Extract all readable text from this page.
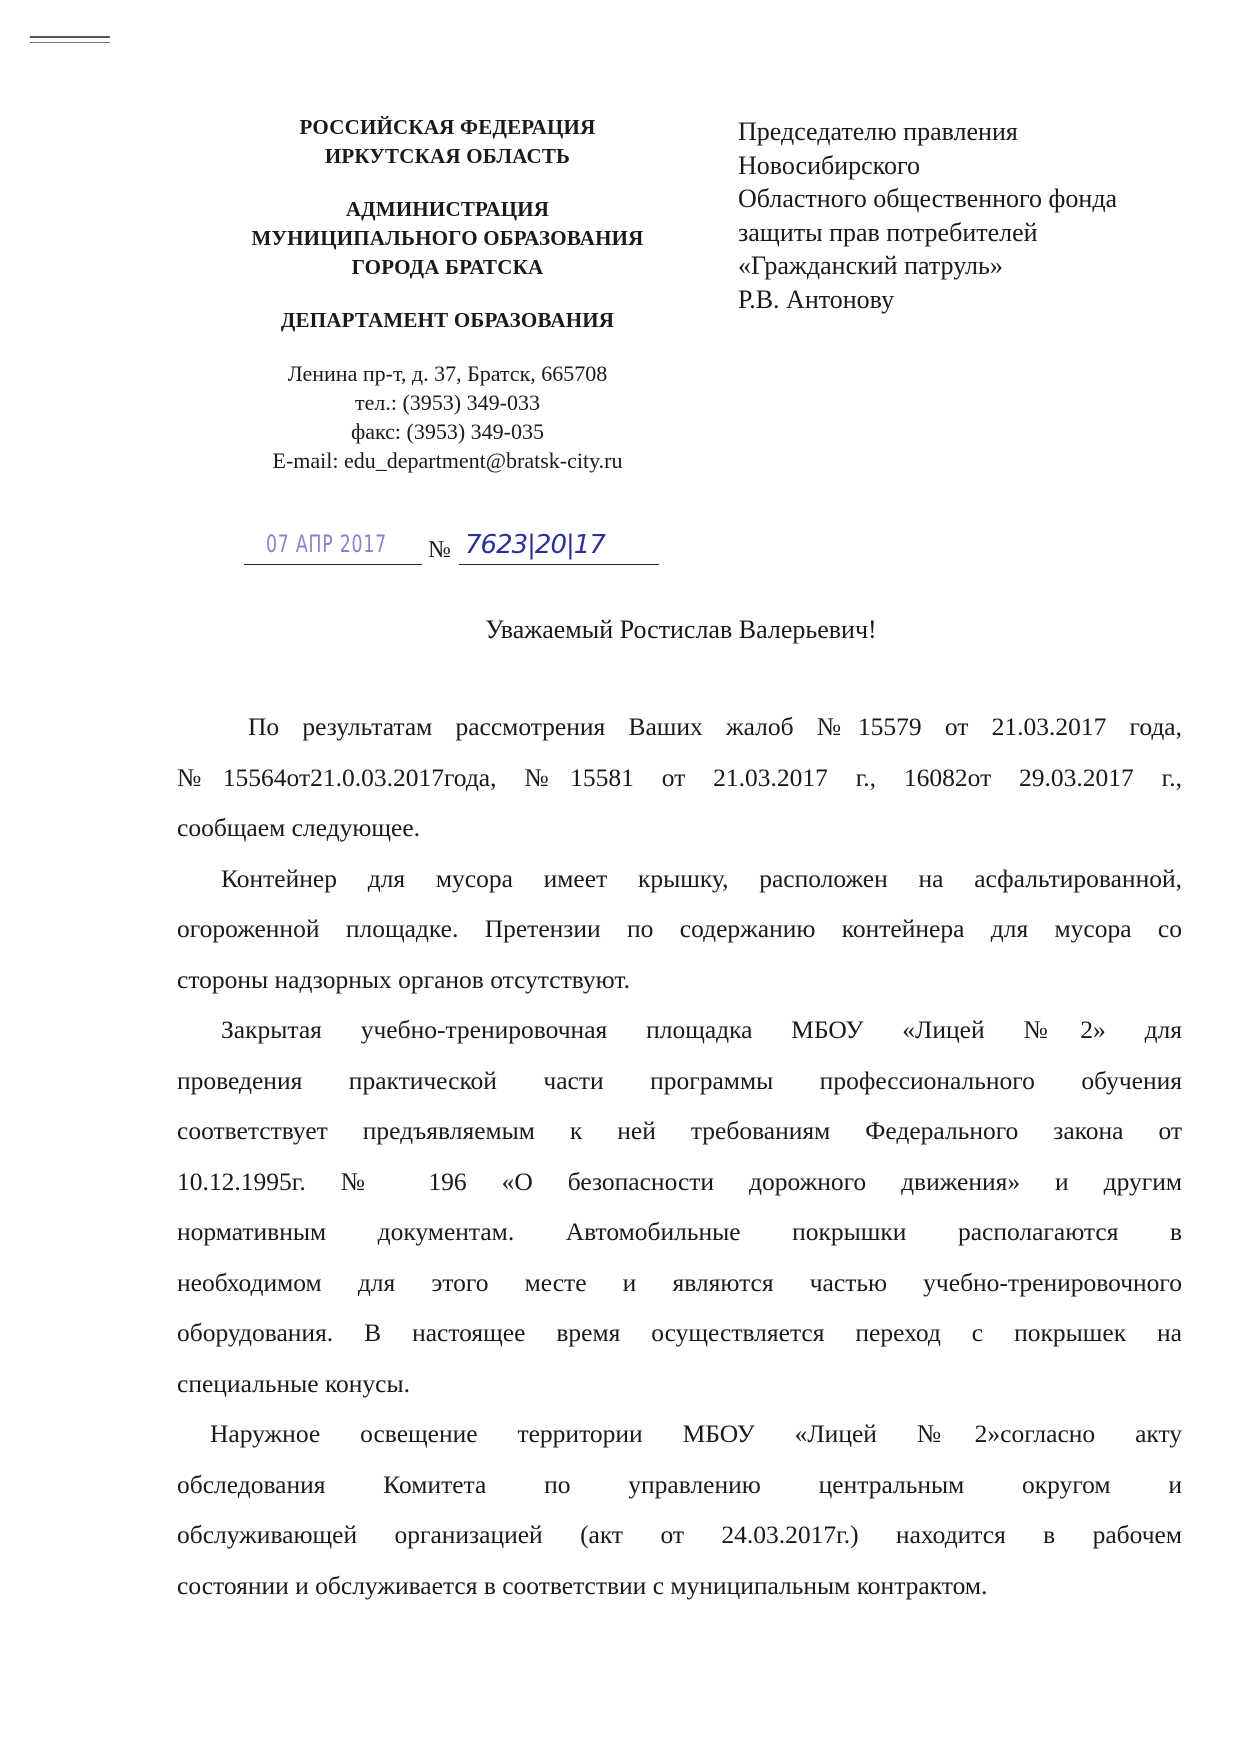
РОССИЙСКАЯ ФЕДЕРАЦИЯ
ИРКУТСКАЯ ОБЛАСТЬ
АДМИНИСТРАЦИЯ
МУНИЦИПАЛЬНОГО ОБРАЗОВАНИЯ
ГОРОДА БРАТСКА
ДЕПАРТАМЕНТ ОБРАЗОВАНИЯ
Ленина пр-т, д. 37, Братск, 665708
тел.: (3953) 349-033
факс: (3953) 349-035
E-mail: edu_department@bratsk-city.ru
Председателю правления
Новосибирского
Областного общественного фонда
защиты прав потребителей
«Гражданский патруль»
Р.В. Антонову
07 АПР 2017 № 7623|20|17
Уважаемый Ростислав Валерьевич!
По результатам рассмотрения Ваших жалоб №15579 от 21.03.2017 года,
№15564от21.0.03.2017года, №15581 от 21.03.2017 г., 16082от 29.03.2017 г.,
сообщаем следующее.
Контейнер для мусора имеет крышку, расположен на асфальтированной,
огороженной площадке. Претензии по содержанию контейнера для мусора со
стороны надзорных органов отсутствуют.
Закрытая учебно-тренировочная площадка МБОУ «Лицей №2» для
проведения практической части программы профессионального обучения
соответствует предъявляемым к ней требованиям Федерального закона от
10.12.1995г. № 196 «О безопасности дорожного движения» и другим
нормативным документам. Автомобильные покрышки располагаются в
необходимом для этого месте и являются частью учебно-тренировочного
оборудования. В настоящее время осуществляется переход с покрышек на
специальные конусы.
Наружное освещение территории МБОУ «Лицей №2»согласно акту
обследования Комитета по управлению центральным округом и
обслуживающей организацией (акт от 24.03.2017г.) находится в рабочем
состоянии и обслуживается в соответствии с муниципальным контрактом.
